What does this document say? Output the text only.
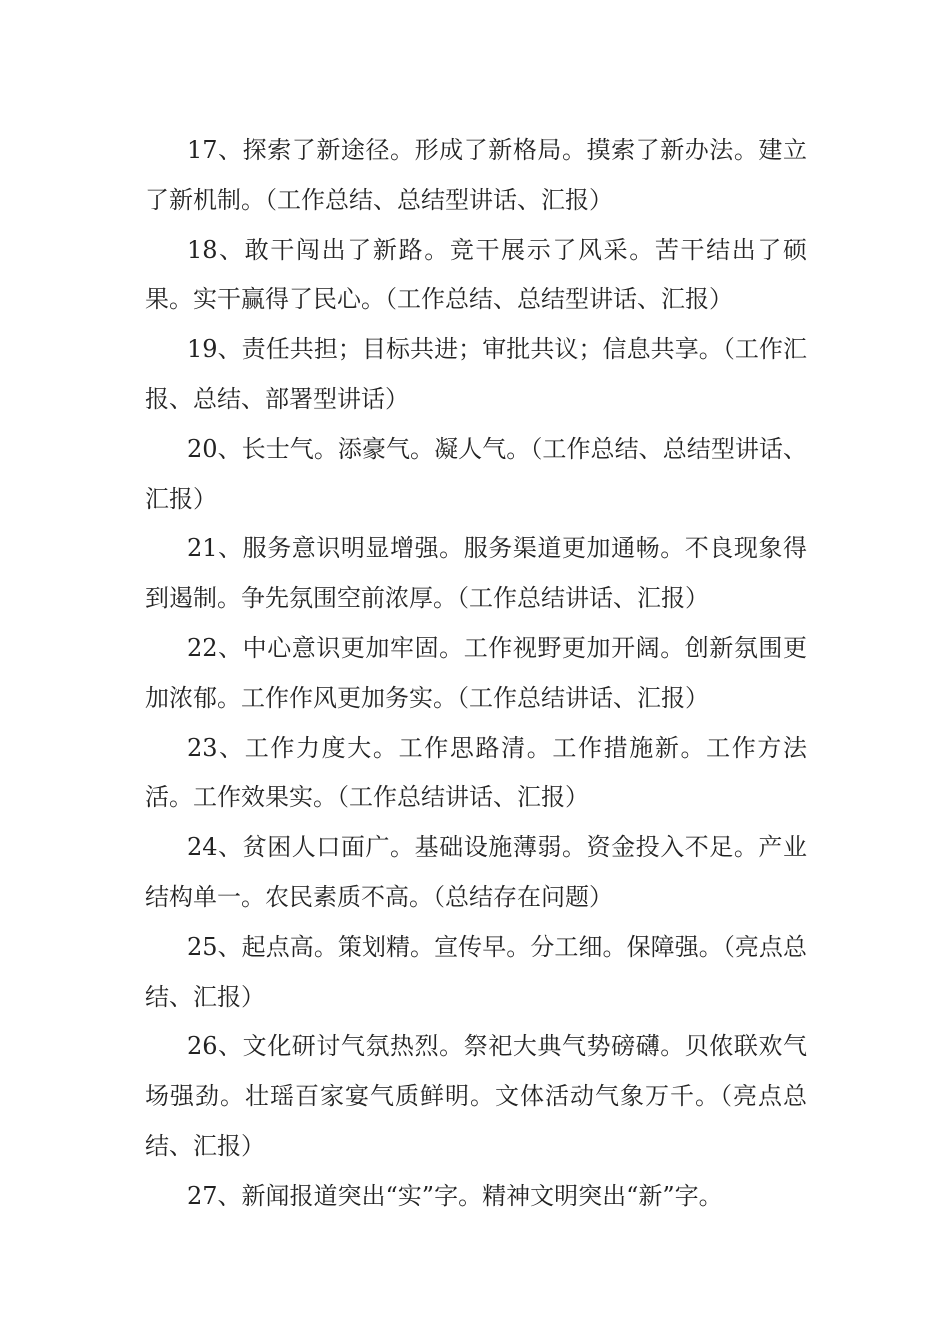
17、探索了新途径。形成了新格局。摸索了新办法。建立了新机制。（工作总结、总结型讲话、汇报）

18、敢干闯出了新路。竞干展示了风采。苦干结出了硕果。实干赢得了民心。（工作总结、总结型讲话、汇报）

19、责任共担；目标共进；审批共议；信息共享。（工作汇报、总结、部署型讲话）

20、长士气。添豪气。凝人气。（工作总结、总结型讲话、汇报）

21、服务意识明显增强。服务渠道更加通畅。不良现象得到遏制。争先氛围空前浓厚。（工作总结讲话、汇报）

22、中心意识更加牢固。工作视野更加开阔。创新氛围更加浓郁。工作作风更加务实。（工作总结讲话、汇报）

23、工作力度大。工作思路清。工作措施新。工作方法活。工作效果实。（工作总结讲话、汇报）

24、贫困人口面广。基础设施薄弱。资金投入不足。产业结构单一。农民素质不高。（总结存在问题）

25、起点高。策划精。宣传早。分工细。保障强。（亮点总结、汇报）

26、文化研讨气氛热烈。祭祀大典气势磅礴。贝侬联欢气场强劲。壮瑶百家宴气质鲜明。文体活动气象万千。（亮点总结、汇报）

27、新闻报道突出“实”字。精神文明突出“新”字。
